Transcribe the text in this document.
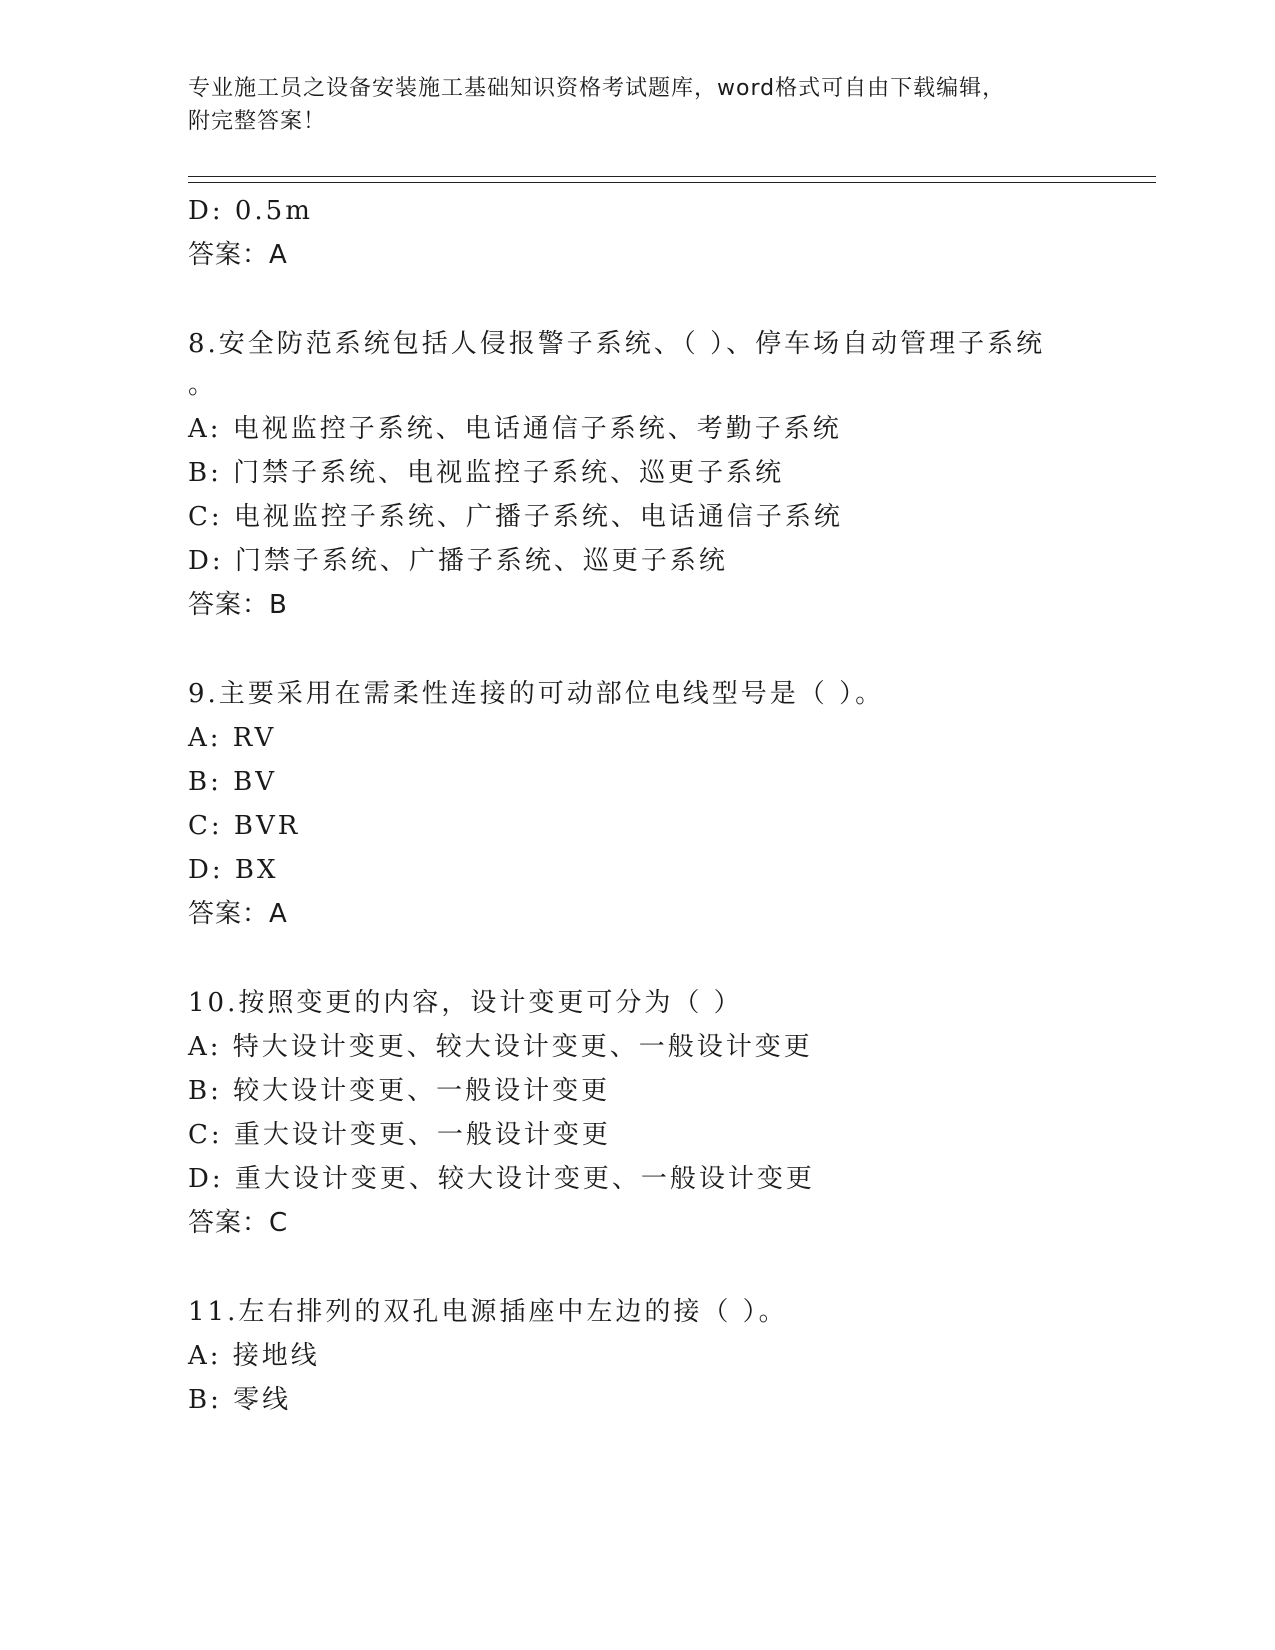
专业施工员之设备安装施工基础知识资格考试题库，word格式可自由下载编辑，
附完整答案！
D: 0.5m
答案：A
8.安全防范系统包括人侵报警子系统、（ ）、停车场自动管理子系统
。
A: 电视监控子系统、电话通信子系统、考勤子系统
B: 门禁子系统、电视监控子系统、巡更子系统
C: 电视监控子系统、广播子系统、电话通信子系统
D: 门禁子系统、广播子系统、巡更子系统
答案：B
9.主要采用在需柔性连接的可动部位电线型号是（ ）。
A: RV
B: BV
C: BVR
D: BX
答案：A
10.按照变更的内容，设计变更可分为（ ）
A: 特大设计变更、较大设计变更、一般设计变更
B: 较大设计变更、一般设计变更
C: 重大设计变更、一般设计变更
D: 重大设计变更、较大设计变更、一般设计变更
答案：C
11.左右排列的双孔电源插座中左边的接（ ）。
A: 接地线
B: 零线
